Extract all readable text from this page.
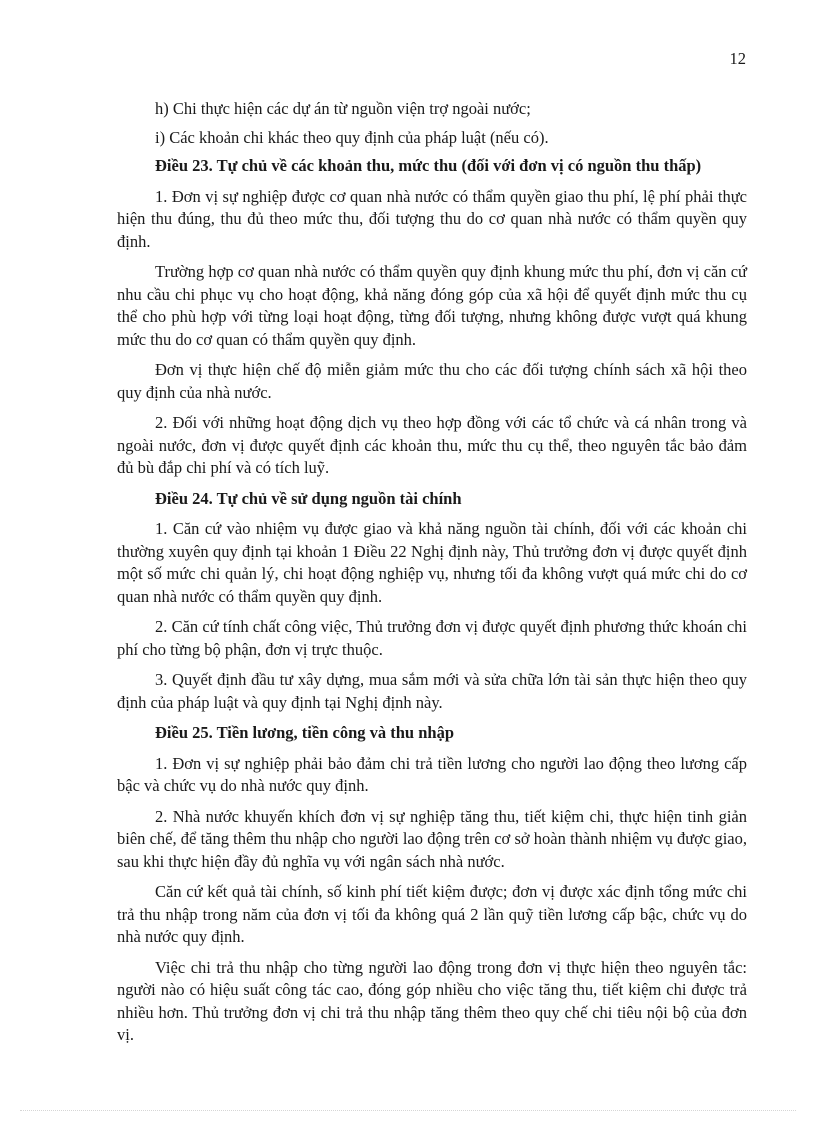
12

h) Chi thực hiện các dự án từ nguồn viện trợ ngoài nước;

i) Các khoản chi khác theo quy định của pháp luật (nếu có).

Điều 23. Tự chủ về các khoản thu, mức thu (đối với đơn vị có nguồn thu thấp)

1. Đơn vị sự nghiệp được cơ quan nhà nước có thẩm quyền giao thu phí, lệ phí phải thực hiện thu đúng, thu đủ theo mức thu, đối tượng thu do cơ quan nhà nước có thẩm quyền quy định.

Trường hợp cơ quan nhà nước có thẩm quyền quy định khung mức thu phí, đơn vị căn cứ nhu cầu chi phục vụ cho hoạt động, khả năng đóng góp của xã hội để quyết định mức thu cụ thể cho phù hợp với từng loại hoạt động, từng đối tượng, nhưng không được vượt quá khung mức thu do cơ quan có thẩm quyền quy định.

Đơn vị thực hiện chế độ miễn giảm mức thu cho các đối tượng chính sách xã hội theo quy định của nhà nước.

2. Đối với những hoạt động dịch vụ theo hợp đồng với các tổ chức và cá nhân trong và ngoài nước, đơn vị được quyết định các khoản thu, mức thu cụ thể, theo nguyên tắc bảo đảm đủ bù đắp chi phí và có tích luỹ.

Điều 24. Tự chủ về sử dụng nguồn tài chính

1. Căn cứ vào nhiệm vụ được giao và khả năng nguồn tài chính, đối với các khoản chi thường xuyên quy định tại khoản 1 Điều 22 Nghị định này, Thủ trưởng đơn vị được quyết định một số mức chi quản lý, chi hoạt động nghiệp vụ, nhưng tối đa không vượt quá mức chi do cơ quan nhà nước có thẩm quyền quy định.

2. Căn cứ tính chất công việc, Thủ trưởng đơn vị được quyết định phương thức khoán chi phí cho từng bộ phận, đơn vị trực thuộc.

3. Quyết định đầu tư xây dựng, mua sắm mới và sửa chữa lớn tài sản thực hiện theo quy định của pháp luật và quy định tại Nghị định này.

Điều 25. Tiền lương, tiền công và thu nhập

1. Đơn vị sự nghiệp phải bảo đảm chi trả tiền lương cho người lao động theo lương cấp bậc và chức vụ do nhà nước quy định.

2. Nhà nước khuyến khích đơn vị sự nghiệp tăng thu, tiết kiệm chi, thực hiện tinh giản biên chế, để tăng thêm thu nhập cho người lao động trên cơ sở hoàn thành nhiệm vụ được giao, sau khi thực hiện đầy đủ nghĩa vụ với ngân sách nhà nước.

Căn cứ kết quả tài chính, số kinh phí tiết kiệm được; đơn vị được xác định tổng mức chi trả thu nhập trong năm của đơn vị tối đa không quá 2 lần quỹ tiền lương cấp bậc, chức vụ do nhà nước quy định.

Việc chi trả thu nhập cho từng người lao động trong đơn vị thực hiện theo nguyên tắc: người nào có hiệu suất công tác cao, đóng góp nhiều cho việc tăng thu, tiết kiệm chi được trả nhiều hơn. Thủ trưởng đơn vị chi trả thu nhập tăng thêm theo quy chế chi tiêu nội bộ của đơn vị.
